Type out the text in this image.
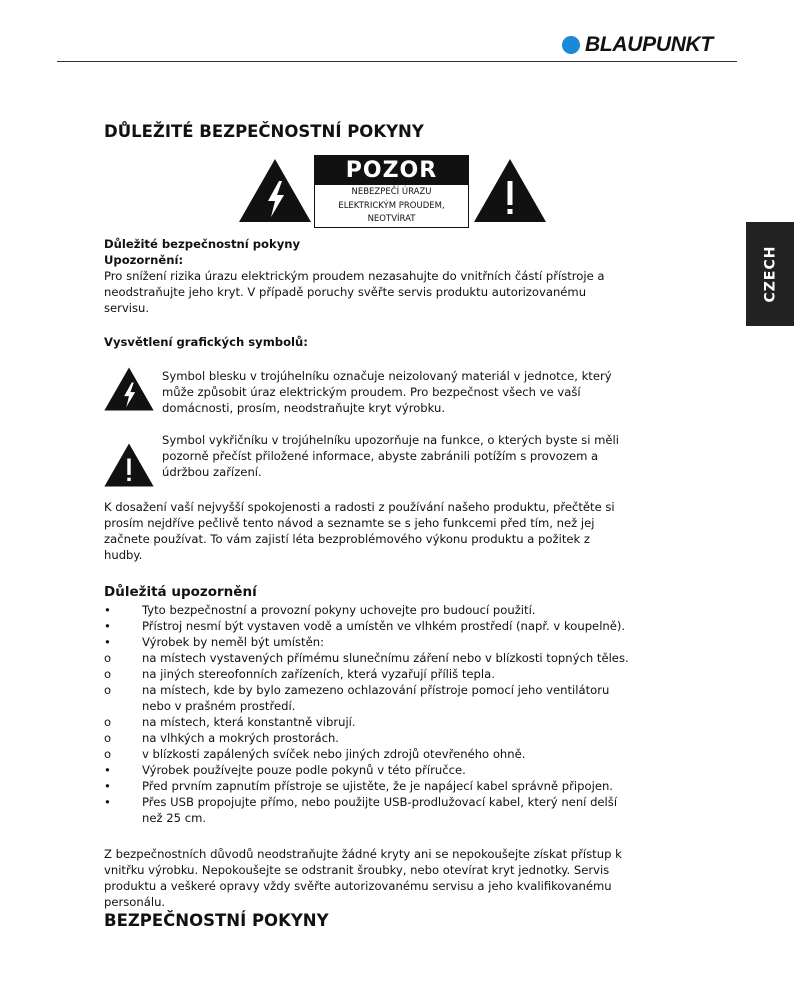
BLAUPUNKT
CZECH
DŮLEŽITÉ BEZPEČNOSTNÍ POKYNY
POZOR
NEBEZPEČÍ ÚRAZU
ELEKTRICKÝM PROUDEM,
NEOTVÍRAT
Důležité bezpečnostní pokyny
Upozornění:
Pro snížení rizika úrazu elektrickým proudem nezasahujte do vnitřních částí přístroje a
neodstraňujte jeho kryt. V případě poruchy svěřte servis produktu autorizovanému
servisu.
Vysvětlení grafických symbolů:
Symbol blesku v trojúhelníku označuje neizolovaný materiál v jednotce, který
může způsobit úraz elektrickým proudem. Pro bezpečnost všech ve vaší
domácnosti, prosím, neodstraňujte kryt výrobku.
Symbol vykřičníku v trojúhelníku upozorňuje na funkce, o kterých byste si měli
pozorně přečíst přiložené informace, abyste zabránili potížím s provozem a
údržbou zařízení.
K dosažení vaší nejvyšší spokojenosti a radosti z používání našeho produktu, přečtěte si
prosím nejdříve pečlivě tento návod a seznamte se s jeho funkcemi před tím, než jej
začnete používat. To vám zajistí léta bezproblémového výkonu produktu a požitek z
hudby.
Důležitá upozornění
•	Tyto bezpečnostní a provozní pokyny uchovejte pro budoucí použití.
•	Přístroj nesmí být vystaven vodě a umístěn ve vlhkém prostředí (např. v koupelně).
•	Výrobek by neměl být umístěn:
o	na místech vystavených přímému slunečnímu záření nebo v blízkosti topných těles.
o	na jiných stereofonních zařízeních, která vyzařují příliš tepla.
o	na místech, kde by bylo zamezeno ochlazování přístroje pomocí jeho ventilátoru
nebo v prašném prostředí.
o	na místech, která konstantně vibrují.
o	na vlhkých a mokrých prostorách.
o	v blízkosti zapálených svíček nebo jiných zdrojů otevřeného ohně.
•	Výrobek používejte pouze podle pokynů v této příručce.
•	Před prvním zapnutím přístroje se ujistěte, že je napájecí kabel správně připojen.
•	Přes USB propojujte přímo, nebo použijte USB-prodlužovací kabel, který není delší
než 25 cm.
Z bezpečnostních důvodů neodstraňujte žádné kryty ani se nepokoušejte získat přístup k
vnitřku výrobku. Nepokoušejte se odstranit šroubky, nebo otevírat kryt jednotky. Servis
produktu a veškeré opravy vždy svěřte autorizovanému servisu a jeho kvalifikovanému
personálu.
BEZPEČNOSTNÍ POKYNY
